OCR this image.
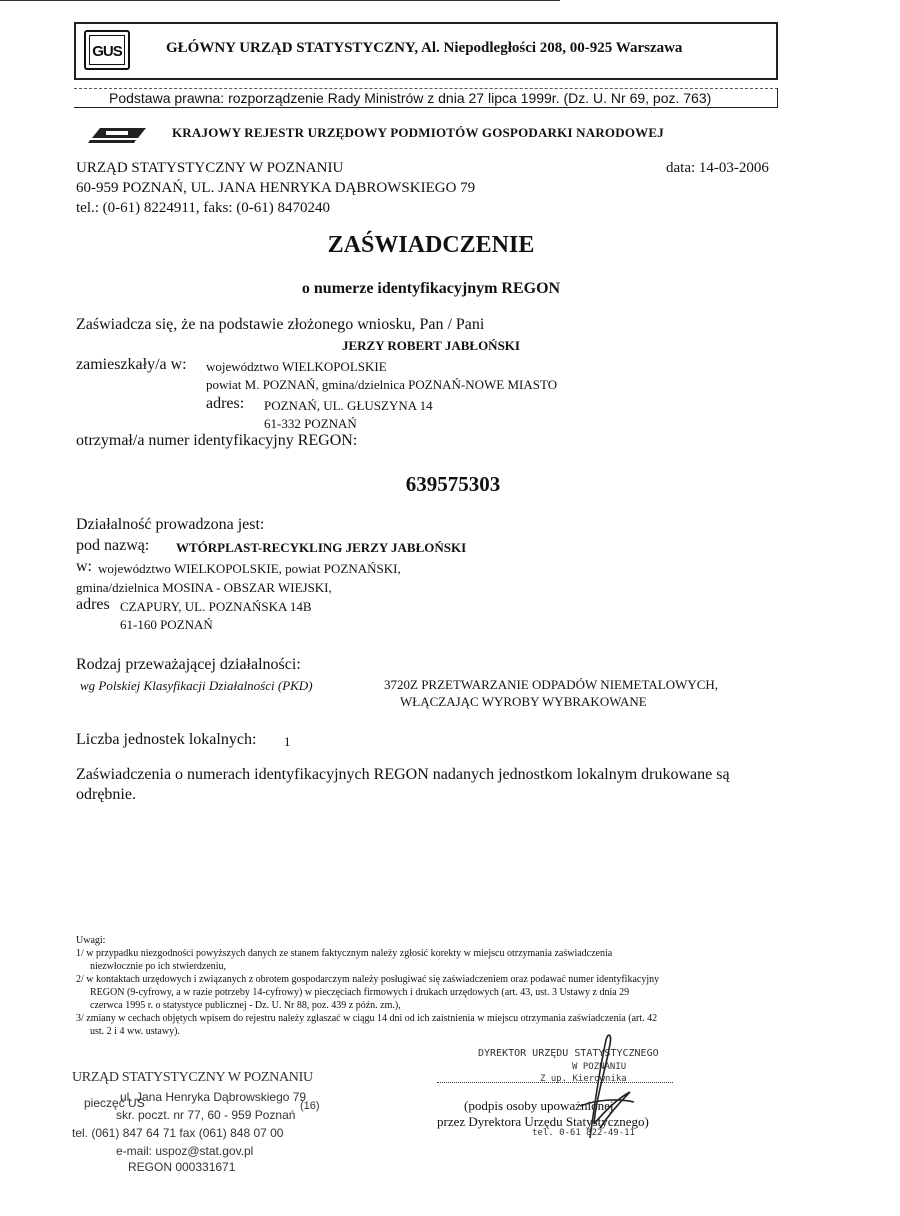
GUS	GŁÓWNY URZĄD STATYSTYCZNY, Al. Niepodległości 208, 00-925 Warszawa
Podstawa prawna: rozporządzenie Rady Ministrów z dnia 27 lipca 1999r. (Dz. U. Nr 69, poz. 763)
KRAJOWY REJESTR URZĘDOWY PODMIOTÓW GOSPODARKI NARODOWEJ
URZĄD STATYSTYCZNY W POZNANIU
60-959 POZNAŃ, UL. JANA HENRYKA DĄBROWSKIEGO 79
tel.: (0-61) 8224911, faks: (0-61) 8470240
data: 14-03-2006
ZAŚWIADCZENIE
o numerze identyfikacyjnym REGON
Zaświadcza się, że na podstawie złożonego wniosku, Pan / Pani
JERZY ROBERT JABŁOŃSKI
zamieszkały/a w: województwo WIELKOPOLSKIE
powiat M. POZNAŃ, gmina/dzielnica POZNAŃ-NOWE MIASTO
adres: POZNAŃ, UL. GŁUSZYNA 14
61-332 POZNAŃ
otrzymał/a numer identyfikacyjny REGON:
639575303
Działalność prowadzona jest:
pod nazwą: WTÓRPLAST-RECYKLING JERZY JABŁOŃSKI
w: województwo WIELKOPOLSKIE, powiat POZNAŃSKI,
gmina/dzielnica MOSINA - OBSZAR WIEJSKI,
adres CZAPURY, UL. POZNAŃSKA 14B
61-160 POZNAŃ
Rodzaj przeważającej działalności:
wg Polskiej Klasyfikacji Działalności (PKD)	3720Z PRZETWARZANIE ODPADÓW NIEMETALOWYCH,
WŁĄCZAJĄC WYROBY WYBRAKOWANE
Liczba jednostek lokalnych: 1
Zaświadczenia o numerach identyfikacyjnych REGON nadanych jednostkom lokalnym drukowane są
odrębnie.

Uwagi:

1/ w przypadku niezgodności powyższych danych ze stanem faktycznym należy zgłosić korekty w miejscu otrzymania zaświadczenia

niezwłocznie po ich stwierdzeniu,

2/ w kontaktach urzędowych i związanych z obrotem gospodarczym należy posługiwać się zaświadczeniem oraz podawać numer identyfikacyjny

REGON (9-cyfrowy, a w razie potrzeby 14-cyfrowy) w pieczęciach firmowych i drukach urzędowych (art. 43, ust. 3 Ustawy z dnia 29

czerwca 1995 r. o statystyce publicznej - Dz. U. Nr 88, poz. 439 z późn. zm.),

3/ zmiany w cechach objętych wpisem do rejestru należy zgłaszać w ciągu 14 dni od ich zaistnienia w miejscu otrzymania zaświadczenia (art. 42

ust. 2 i 4 ww. ustawy).

URZĄD STATYSTYCZNY W POZNANIU
ul. Jana Henryka Dąbrowskiego 79
pieczęć US	(16)
skr. poczt. nr 77, 60 - 959 Poznań
tel. (061) 847 64 71 fax (061) 848 07 00
e-mail: uspoz@stat.gov.pl
REGON 000331671
DYREKTOR URZĘDU STATYSTYCZNEGO
W POZNANIU
Z up. Kierownika
(podpis osoby upoważnionej
przez Dyrektora Urzędu Statystycznego)
tel. 0-61 822-49-11
